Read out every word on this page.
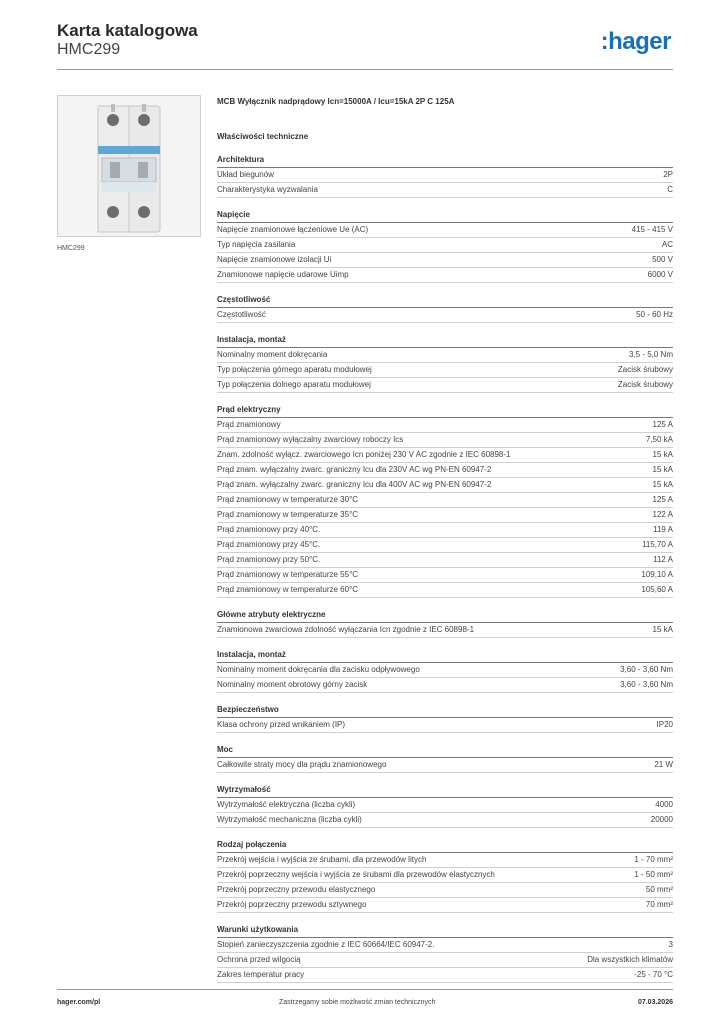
Karta katalogowa
HMC299	:hager
HMC299
MCB Wyłącznik nadprądowy Icn=15000A / Icu=15kA 2P C 125A
Właściwości techniczne
Architektura
Układ biegunów	2P
Charakterystyka wyzwalania	C
Napięcie
Napięcie znamionowe łączeniowe Ue (AC)	415 - 415 V
Typ napięcia zasilania	AC
Napięcie znamionowe izolacji Ui	500 V
Znamionowe napięcie udarowe Uimp	6000 V
Częstotliwość
Częstotliwość	50 - 60 Hz
Instalacja, montaż
Nominalny moment dokręcania	3,5 - 5,0 Nm
Typ połączenia górnego aparatu modułowej	Zacisk śrubowy
Typ połączenia dolnego aparatu modułowej	Zacisk śrubowy
Prąd elektryczny
Prąd znamionowy	125 A
Prąd znamionowy wyłączalny zwarciowy roboczy Ics	7,50 kA
Znam. zdolność wyłącz. zwarciowego Icn poniżej 230 V AC zgodnie z IEC 60898-1	15 kA
Prąd znam. wyłączalny zwarc. graniczny Icu dla 230V AC wg PN-EN 60947-2	15 kA
Prąd znam. wyłączalny zwarc. graniczny Icu dla 400V AC wg PN-EN 60947-2	15 kA
Prąd znamionowy w temperaturze 30°C	125 A
Prąd znamionowy w temperaturze 35°C	122 A
Prąd znamionowy przy 40°C.	119 A
Prąd znamionowy przy 45°C.	115,70 A
Prąd znamionowy przy 50°C.	112 A
Prąd znamionowy w temperaturze 55°C	109,10 A
Prąd znamionowy w temperaturze 60°C	105,60 A
Główne atrybuty elektryczne
Znamionowa zwarciowa zdolność wyłączania Icn zgodnie z IEC 60898-1	15 kA
Instalacja, montaż
Nominalny moment dokręcania dla zacisku odpływowego	3,60 - 3,60 Nm
Nominalny moment obrotowy górny zacisk	3,60 - 3,60 Nm
Bezpieczeństwo
Klasa ochrony przed wnikaniem (IP)	IP20
Moc
Całkowite straty mocy dla prądu znamionowego	21 W
Wytrzymałość
Wytrzymałość elektryczna (liczba cykli)	4000
Wytrzymałość mechaniczna (liczba cykli)	20000
Rodzaj połączenia
Przekrój wejścia i wyjścia ze śrubami, dla przewodów litych	1 - 70 mm²
Przekrój poprzeczny wejścia i wyjścia ze śrubami dla przewodów elastycznych	1 - 50 mm²
Przekrój poprzeczny przewodu elastycznego	50 mm²
Przekrój poprzeczny przewodu sztywnego	70 mm²
Warunki użytkowania
Stopień zanieczyszczenia zgodnie z IEC 60664/IEC 60947-2.	3
Ochrona przed wilgocią	Dla wszystkich klimatów
Zakres temperatur pracy	-25 - 70 °C
hager.com/pl	Zastrzegamy sobie możliwość zmian technicznych	07.03.2026
